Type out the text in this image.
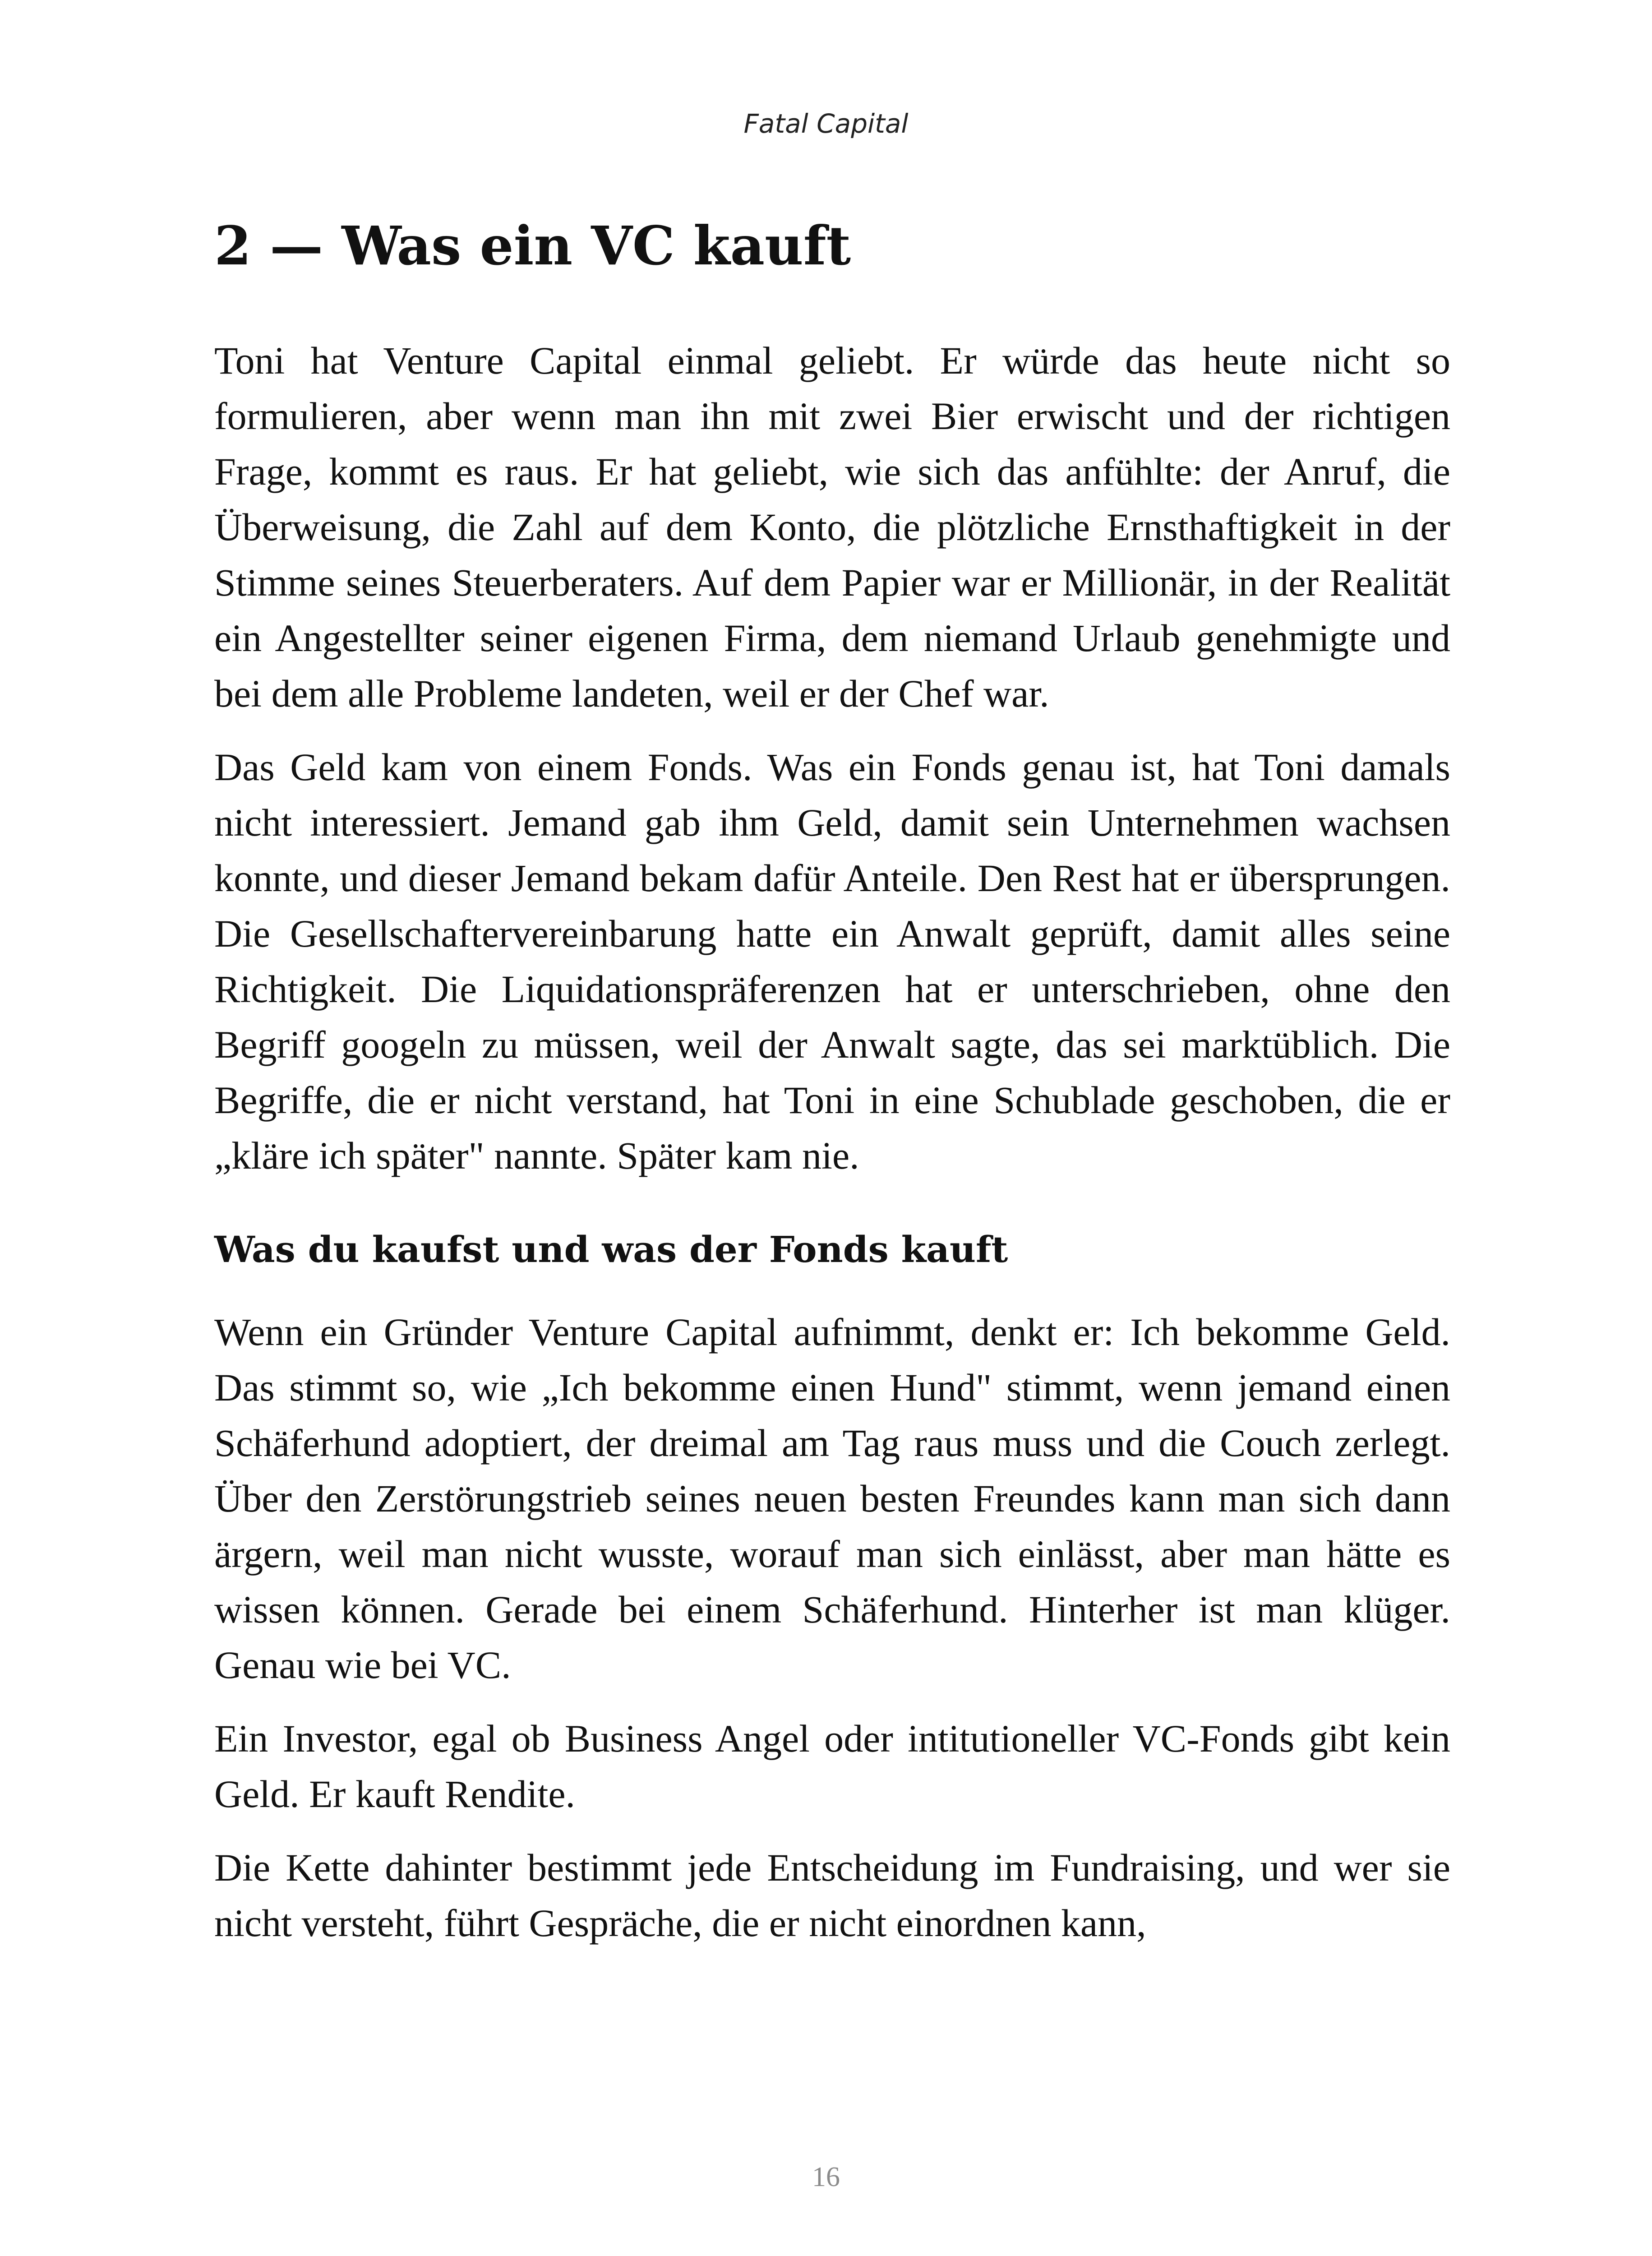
Fatal Capital
2 — Was ein VC kauft

Toni hat Venture Capital einmal geliebt. Er würde das heute nicht so formulieren, aber wenn man ihn mit zwei Bier erwischt und der richtigen Frage, kommt es raus. Er hat geliebt, wie sich das anfühlte: der Anruf, die Überweisung, die Zahl auf dem Konto, die plötzliche Ernsthaftigkeit in der Stimme seines Steuerberaters. Auf dem Papier war er Millionär, in der Realität ein Angestellter seiner eigenen Firma, dem niemand Urlaub genehmigte und bei dem alle Probleme landeten, weil er der Chef war.

Das Geld kam von einem Fonds. Was ein Fonds genau ist, hat Toni damals nicht interessiert. Jemand gab ihm Geld, damit sein Unternehmen wachsen konnte, und dieser Jemand bekam dafür Anteile. Den Rest hat er übersprungen. Die Gesellschaftervereinbarung hatte ein Anwalt geprüft, damit alles seine Richtigkeit. Die Liquidationspräferenzen hat er unterschrieben, ohne den Begriff googeln zu müssen, weil der Anwalt sagte, das sei marktüblich. Die Begriffe, die er nicht verstand, hat Toni in eine Schublade geschoben, die er „kläre ich später" nannte. Später kam nie.

Was du kaufst und was der Fonds kauft

Wenn ein Gründer Venture Capital aufnimmt, denkt er: Ich bekomme Geld. Das stimmt so, wie „Ich bekomme einen Hund" stimmt, wenn jemand einen Schäferhund adoptiert, der dreimal am Tag raus muss und die Couch zerlegt. Über den Zerstörungstrieb seines neuen besten Freundes kann man sich dann ärgern, weil man nicht wusste, worauf man sich einlässt, aber man hätte es wissen können. Gerade bei einem Schäferhund. Hinterher ist man klüger. Genau wie bei VC.

Ein Investor, egal ob Business Angel oder intitutioneller VC-Fonds gibt kein Geld. Er kauft Rendite.

Die Kette dahinter bestimmt jede Entscheidung im Fundraising, und wer sie nicht versteht, führt Gespräche, die er nicht einordnen kann,

16
